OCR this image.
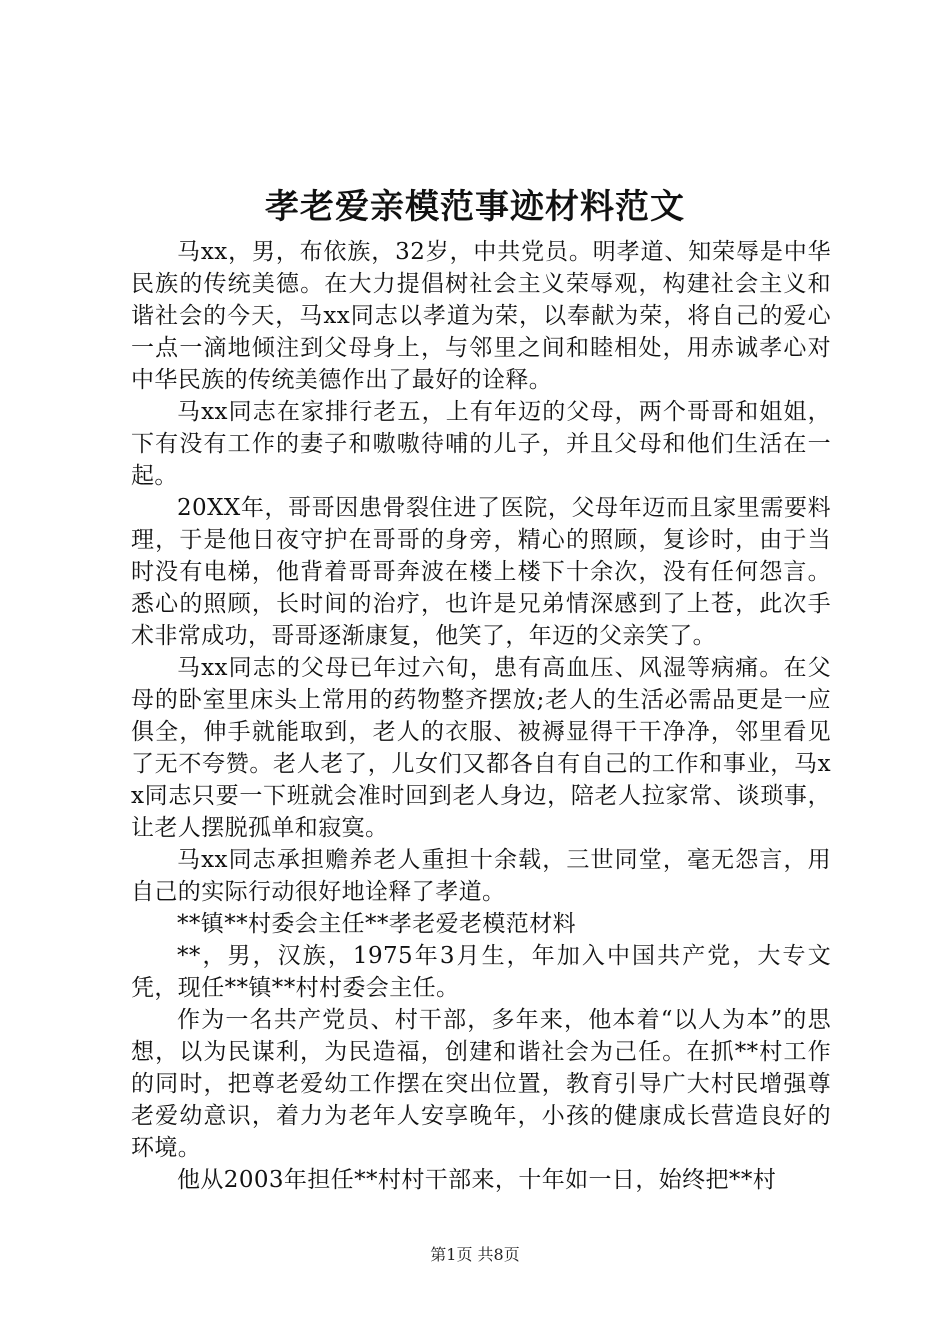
孝老爱亲模范事迹材料范文

马xx，男，布依族，32岁，中共党员。明孝道、知荣辱是中华民族的传统美德。在大力提倡树社会主义荣辱观，构建社会主义和谐社会的今天，马xx同志以孝道为荣，以奉献为荣，将自己的爱心一点一滴地倾注到父母身上，与邻里之间和睦相处，用赤诚孝心对中华民族的传统美德作出了最好的诠释。

马xx同志在家排行老五，上有年迈的父母，两个哥哥和姐姐，下有没有工作的妻子和嗷嗷待哺的儿子，并且父母和他们生活在一起。

20XX年，哥哥因患骨裂住进了医院，父母年迈而且家里需要料理，于是他日夜守护在哥哥的身旁，精心的照顾，复诊时，由于当时没有电梯，他背着哥哥奔波在楼上楼下十余次，没有任何怨言。悉心的照顾，长时间的治疗，也许是兄弟情深感到了上苍，此次手术非常成功，哥哥逐渐康复，他笑了，年迈的父亲笑了。

马xx同志的父母已年过六旬，患有高血压、风湿等病痛。在父母的卧室里床头上常用的药物整齐摆放;老人的生活必需品更是一应俱全，伸手就能取到，老人的衣服、被褥显得干干净净，邻里看见了无不夸赞。老人老了，儿女们又都各自有自己的工作和事业，马xx同志只要一下班就会准时回到老人身边，陪老人拉家常、谈琐事，让老人摆脱孤单和寂寞。

马xx同志承担赡养老人重担十余载，三世同堂，毫无怨言，用自己的实际行动很好地诠释了孝道。

**镇**村委会主任**孝老爱老模范材料

**，男，汉族，1975年3月生，年加入中国共产党，大专文凭，现任**镇**村村委会主任。

作为一名共产党员、村干部，多年来，他本着“以人为本”的思想，以为民谋利，为民造福，创建和谐社会为己任。在抓**村工作的同时，把尊老爱幼工作摆在突出位置，教育引导广大村民增强尊老爱幼意识，着力为老年人安享晚年，小孩的健康成长营造良好的环境。

他从2003年担任**村村干部来，十年如一日，始终把**村

第1页 共8页
